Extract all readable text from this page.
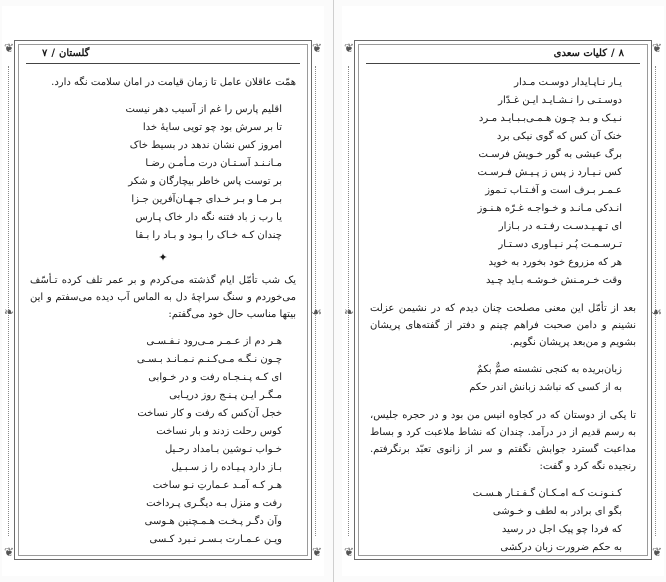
❦	❦
❧	☙
❦	❦
گلستان
/
۷
همّت عاقلان عامل تا زمان قیامت در امان سلامت نگه دارد.
اقلیم پارس را غم از آسیب دهر نیست
تا بر سرش بود چو تویی سایهٔ خدا
امروز کس نشان ندهد در بسیط خاک
مـانـنـد آسـتـان درت مـأمـن رضـا
بر توست پاس خاطر بیچارگان و شکر
بـر مـا و بـر خـدای جـهـان‌آفرین جـزا
یا رب ز باد فتنه نگه دار خاک پـارس
چندان کـه خـاک را بـود و بـاد را بـقا
✦
یک شب تأمّل ایام گذشته می‌کردم و بر عمر تلف کرده تـأسّف می‌خوردم و سنگ سراچهٔ دل به الماس آب دیده می‌سفتم و این بیتها مناسب حال خود می‌گفتم:
هـر دم از عـمـر مـی‌رود نـفـسـی
چـون نـگـه مـی‌کـنـم نـمـانـد بـسـی
ای کـه پـنـجـاه رفت و در خـوابی
مـگـر ایـن پـنـج روز دریـابی
خجل آن‌کس که رفت و کار نساخت
کوس رحلت زدند و بار نساخت
خـواب نـوشین بـامداد رحـیل
بـاز دارد پـیـاده را ز سـبـیل
هـر کـه آمـد عـمارتِ نـو ساخت
رفت و منزل بـه دیگـری پـرداخت
وآن دگـر پـخـت هـمـچنین هـوسی
ویـن عـمـارت بـسـر نـبرد کـسی
❦	❦
❧	☙
❦	❦
۸
/
کلیات سعدی
یـار نـاپـایدار دوسـت مـدار
دوسـتـی را نـشـایـد ایـن غـدّار
نـیـک و بـد چـون هـمـی‌بـبـایـد مـرد
خنک آن کس که گوی نیکی برد
برگ عیشی به گور خـویش فرسـت
کس نـیـارد ز پس ز پـیـش فـرسـت
عـمـر بـرف است و آفـتـاب تـموز
انـدکی مـانـد و خـواجـه غـرّه هـنـوز
ای تـهـیـدسـت رفـتـه در بـازار
تـرسـمـت پُـر نـیـاوری دسـتـار
هر که مزروع خود بخورد به خوید
وقت خـرمـنش خـوشـه بـاید چـید
بعد از تأمّل این معنی مصلحت چنان دیدم که در نشیمن عزلت نشینم و دامن صحبت فراهم چینم و دفتر از گفته‌های پریشان بشویم و من‌بعد پریشان نگویم.
زبان‌بریده به کنجی نشسته صمٌّ بکمٌ
به از کسی که نباشد زبانش اندر حکم
تا یکی از دوستان که در کجاوه انیس من بود و در حجره جلیس، به رسم قدیم از در درآمد. چندان که نشاط ملاعبت کرد و بساط مداعبت گسترد جوابش نگفتم و سر از زانوی تعبّد برنگرفتم. رنجیده نگه کرد و گفت:
کـنـونـت کـه امـکـان گـفـتـار هـسـت
بگو ای برادر به لطف و خـوشی
که فردا چو پیک اجل در رسید
به حکم ضرورت زبان درکشی
